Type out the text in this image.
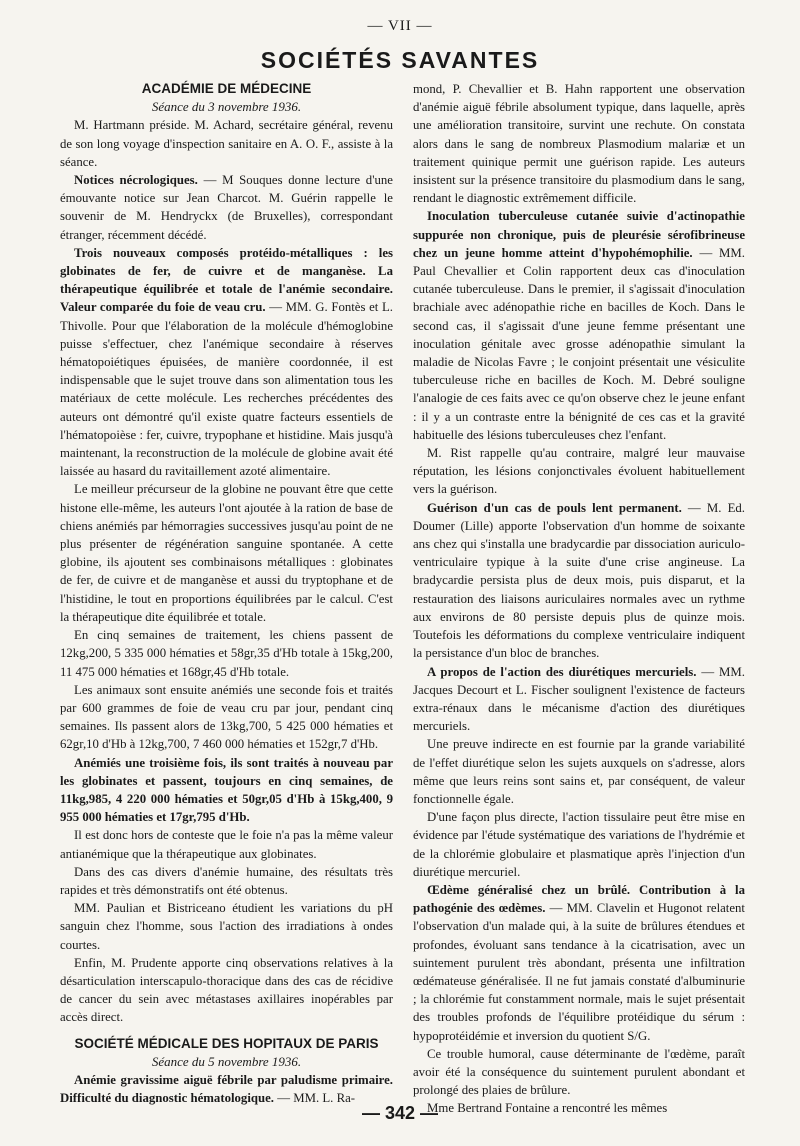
— VII —
SOCIÉTÉS SAVANTES

ACADÉMIE DE MÉDECINE

Séance du 3 novembre 1936.

M. Hartmann préside. M. Achard, secrétaire général, revenu de son long voyage d'inspection sanitaire en A. O. F., assiste à la séance.

Notices nécrologiques. — M Souques donne lecture d'une émouvante notice sur Jean Charcot. M. Guérin rappelle le souvenir de M. Hendryckx (de Bruxelles), correspondant étranger, récemment décédé.

Trois nouveaux composés protéido-métalliques : les globinates de fer, de cuivre et de manganèse. La thérapeutique équilibrée et totale de l'anémie secondaire. Valeur comparée du foie de veau cru. — MM. G. Fontès et L. Thivolle. Pour que l'élaboration de la molécule d'hémoglobine puisse s'effectuer, chez l'anémique secondaire à réserves hématopoiétiques épuisées, de manière coordonnée, il est indispensable que le sujet trouve dans son alimentation tous les matériaux de cette molécule. Les recherches précédentes des auteurs ont démontré qu'il existe quatre facteurs essentiels de l'hématopoièse : fer, cuivre, trypophane et histidine. Mais jusqu'à maintenant, la reconstruction de la molécule de globine avait été laissée au hasard du ravitaillement azoté alimentaire.

Le meilleur précurseur de la globine ne pouvant être que cette histone elle-même, les auteurs l'ont ajoutée à la ration de base de chiens anémiés par hémorragies successives jusqu'au point de ne plus présenter de régénération sanguine spontanée. A cette globine, ils ajoutent ses combinaisons métalliques : globinates de fer, de cuivre et de manganèse et aussi du tryptophane et de l'histidine, le tout en proportions équilibrées par le calcul. C'est la thérapeutique dite équilibrée et totale.

En cinq semaines de traitement, les chiens passent de 12kg,200, 5 335 000 hématies et 58gr,35 d'Hb totale à 15kg,200, 11 475 000 hématies et 168gr,45 d'Hb totale.

Les animaux sont ensuite anémiés une seconde fois et traités par 600 grammes de foie de veau cru par jour, pendant cinq semaines. Ils passent alors de 13kg,700, 5 425 000 hématies et 62gr,10 d'Hb à 12kg,700, 7 460 000 hématies et 152gr,7 d'Hb.

Anémiés une troisième fois, ils sont traités à nouveau par les globinates et passent, toujours en cinq semaines, de 11kg,985, 4 220 000 hématies et 50gr,05 d'Hb à 15kg,400, 9 955 000 hématies et 17gr,795 d'Hb.

Il est donc hors de conteste que le foie n'a pas la même valeur antianémique que la thérapeutique aux globinates.

Dans des cas divers d'anémie humaine, des résultats très rapides et très démonstratifs ont été obtenus.

MM. Paulian et Bistriceano étudient les variations du pH sanguin chez l'homme, sous l'action des irradiations à ondes courtes.

Enfin, M. Prudente apporte cinq observations relatives à la désarticulation interscapulo-thoracique dans des cas de récidive de cancer du sein avec métastases axillaires inopérables par accès direct.

SOCIÉTÉ MÉDICALE DES HOPITAUX DE PARIS

Séance du 5 novembre 1936.

Anémie gravissime aiguë fébrile par paludisme primaire. Difficulté du diagnostic hématologique. — MM. L. Ra-

mond, P. Chevallier et B. Hahn rapportent une observation d'anémie aiguë fébrile absolument typique, dans laquelle, après une amélioration transitoire, survint une rechute. On constata alors dans le sang de nombreux Plasmodium malariæ et un traitement quinique permit une guérison rapide. Les auteurs insistent sur la présence transitoire du plasmodium dans le sang, rendant le diagnostic extrêmement difficile.

Inoculation tuberculeuse cutanée suivie d'actinopathie suppurée non chronique, puis de pleurésie sérofibrineuse chez un jeune homme atteint d'hypohémophilie. — MM. Paul Chevallier et Colin rapportent deux cas d'inoculation cutanée tuberculeuse. Dans le premier, il s'agissait d'inoculation brachiale avec adénopathie riche en bacilles de Koch. Dans le second cas, il s'agissait d'une jeune femme présentant une inoculation génitale avec grosse adénopathie simulant la maladie de Nicolas Favre ; le conjoint présentait une vésiculite tuberculeuse riche en bacilles de Koch. M. Debré souligne l'analogie de ces faits avec ce qu'on observe chez le jeune enfant : il y a un contraste entre la bénignité de ces cas et la gravité habituelle des lésions tuberculeuses chez l'enfant.

M. Rist rappelle qu'au contraire, malgré leur mauvaise réputation, les lésions conjonctivales évoluent habituellement vers la guérison.

Guérison d'un cas de pouls lent permanent. — M. Ed. Doumer (Lille) apporte l'observation d'un homme de soixante ans chez qui s'installa une bradycardie par dissociation auriculo-ventriculaire typique à la suite d'une crise angineuse. La bradycardie persista plus de deux mois, puis disparut, et la restauration des liaisons auriculaires normales avec un rythme aux environs de 80 persiste depuis plus de quinze mois. Toutefois les déformations du complexe ventriculaire indiquent la persistance d'un bloc de branches.

A propos de l'action des diurétiques mercuriels. — MM. Jacques Decourt et L. Fischer soulignent l'existence de facteurs extra-rénaux dans le mécanisme d'action des diurétiques mercuriels.

Une preuve indirecte en est fournie par la grande variabilité de l'effet diurétique selon les sujets auxquels on s'adresse, alors même que leurs reins sont sains et, par conséquent, de valeur fonctionnelle égale.

D'une façon plus directe, l'action tissulaire peut être mise en évidence par l'étude systématique des variations de l'hydrémie et de la chlorémie globulaire et plasmatique après l'injection d'un diurétique mercuriel.

Œdème généralisé chez un brûlé. Contribution à la pathogénie des œdèmes. — MM. Clavelin et Hugonot relatent l'observation d'un malade qui, à la suite de brûlures étendues et profondes, évoluant sans tendance à la cicatrisation, avec un suintement purulent très abondant, présenta une infiltration œdémateuse généralisée. Il ne fut jamais constaté d'albuminurie ; la chlorémie fut constamment normale, mais le sujet présentait des troubles profonds de l'équilibre protéidique du sérum : hypoprotéidémie et inversion du quotient S/G.

Ce trouble humoral, cause déterminante de l'œdème, paraît avoir été la conséquence du suintement purulent abondant et prolongé des plaies de brûlure.

Mme Bertrand Fontaine a rencontré les mêmes

— 342 —
